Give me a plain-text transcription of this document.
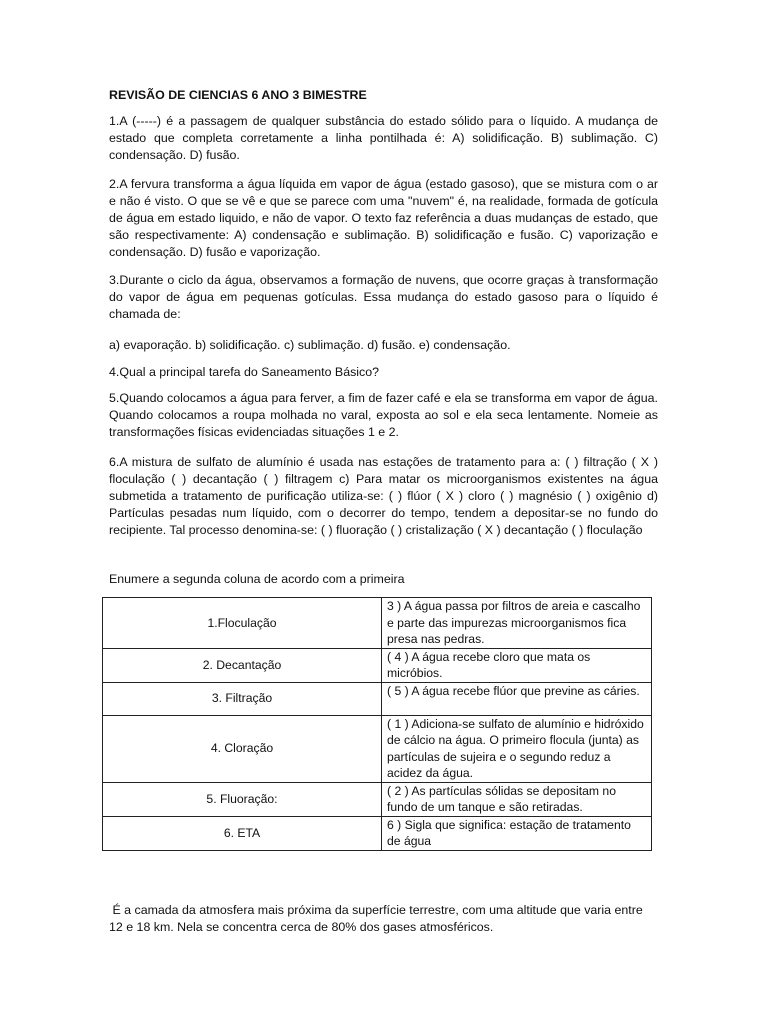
REVISÃO DE CIENCIAS 6 ANO 3 BIMESTRE
1.A (-----) é a passagem de qualquer substância do estado sólido para o líquido. A mudança de estado que completa corretamente a linha pontilhada é: A) solidificação. B) sublimação. C) condensação. D) fusão.
2.A fervura transforma a água líquida em vapor de água (estado gasoso), que se mistura com o ar e não é visto. O que se vê e que se parece com uma "nuvem" é, na realidade, formada de gotícula de água em estado liquido, e não de vapor. O texto faz referência a duas mudanças de estado, que são respectivamente: A) condensação e sublimação. B) solidificação e fusão. C) vaporização e condensação. D) fusão e vaporização.
3.Durante o ciclo da água, observamos a formação de nuvens, que ocorre graças à transformação do vapor de água em pequenas gotículas. Essa mudança do estado gasoso para o líquido é chamada de:
a) evaporação. b) solidificação. c) sublimação. d) fusão. e) condensação.
4.Qual a principal tarefa do Saneamento Básico?
5.Quando colocamos a água para ferver, a fim de fazer café e ela se transforma em vapor de água. Quando colocamos a roupa molhada no varal, exposta ao sol e ela seca lentamente. Nomeie as transformações físicas evidenciadas situações 1 e 2.
6.A mistura de sulfato de alumínio é usada nas estações de tratamento para a: ( ) filtração ( X ) floculação ( ) decantação ( ) filtragem c) Para matar os microorganismos existentes na água submetida a tratamento de purificação utiliza-se: ( ) flúor ( X ) cloro ( ) magnésio ( ) oxigênio d) Partículas pesadas num líquido, com o decorrer do tempo, tendem a depositar-se no fundo do recipiente. Tal processo denomina-se: ( ) fluoração ( ) cristalização ( X ) decantação ( ) floculação
Enumere a segunda coluna de acordo com a primeira
1.Floculação	3 ) A água passa por filtros de areia e cascalho e parte das impurezas microorganismos fica presa nas pedras.
2. Decantação	( 4 ) A água recebe cloro que mata os micróbios.
3. Filtração	( 5 ) A água recebe flúor que previne as cáries.
4. Cloração	( 1 ) Adiciona-se sulfato de alumínio e hidróxido de cálcio na água. O primeiro flocula (junta) as partículas de sujeira e o segundo reduz a acidez da água.
5. Fluoração:	( 2 ) As partículas sólidas se depositam no fundo de um tanque e são retiradas.
6. ETA	6 ) Sigla que significa: estação de tratamento de água
É a camada da atmosfera mais próxima da superfície terrestre, com uma altitude que varia entre 12 e 18 km. Nela se concentra cerca de 80% dos gases atmosféricos.
